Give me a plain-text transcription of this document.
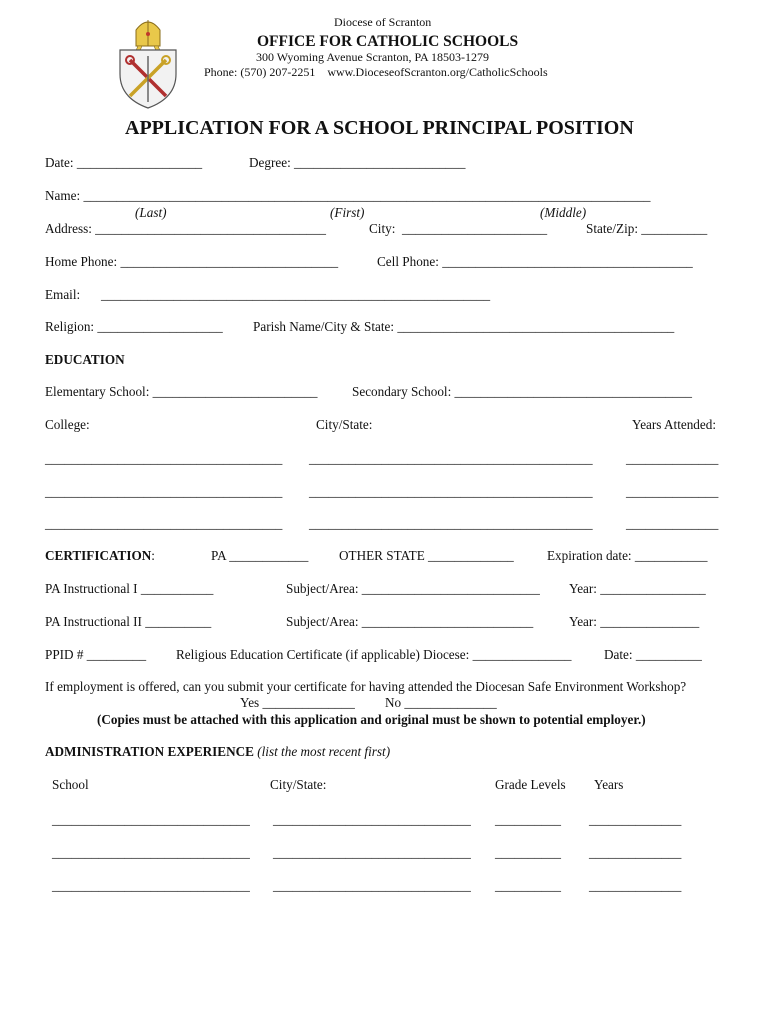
Diocese of Scranton
OFFICE FOR CATHOLIC SCHOOLS
300 Wyoming Avenue Scranton, PA 18503-1279
Phone: (570) 207-2251    www.DioceseofScranton.org/CatholicSchools
APPLICATION FOR A SCHOOL PRINCIPAL POSITION
Date: ___________________	Degree: __________________________
Name: ______________________________________________________________________________________
(Last)	(First)	(Middle)
Address: ___________________________________	City:  ______________________	State/Zip: __________
Home Phone: _________________________________	Cell Phone: ______________________________________
Email: ___________________________________________________________
Religion: ___________________ Parish Name/City & State: __________________________________________
EDUCATION
Elementary School: _________________________	Secondary School: ____________________________________
College:	City/State:	Years Attended:
____________________________________ ___________________________________________	______________
____________________________________ ___________________________________________	______________
____________________________________ ___________________________________________	______________
CERTIFICATION:	PA ____________ OTHER STATE _____________	Expiration date: ___________
PA Instructional I ___________	Subject/Area: ___________________________ Year: ________________
PA Instructional II __________	Subject/Area: __________________________	Year: _______________
PPID # _________ Religious Education Certificate (if applicable) Diocese: _______________ Date: __________
If employment is offered, can you submit your certificate for having attended the Diocesan Safe Environment Workshop?
Yes ______________ No ______________
(Copies must be attached with this application and original must be shown to potential employer.)
ADMINISTRATION EXPERIENCE (list the most recent first)
School	City/State:	Grade Levels Years
______________________________ ______________________________ __________ ______________
______________________________ ______________________________ __________ ______________
______________________________ ______________________________ __________ ______________
